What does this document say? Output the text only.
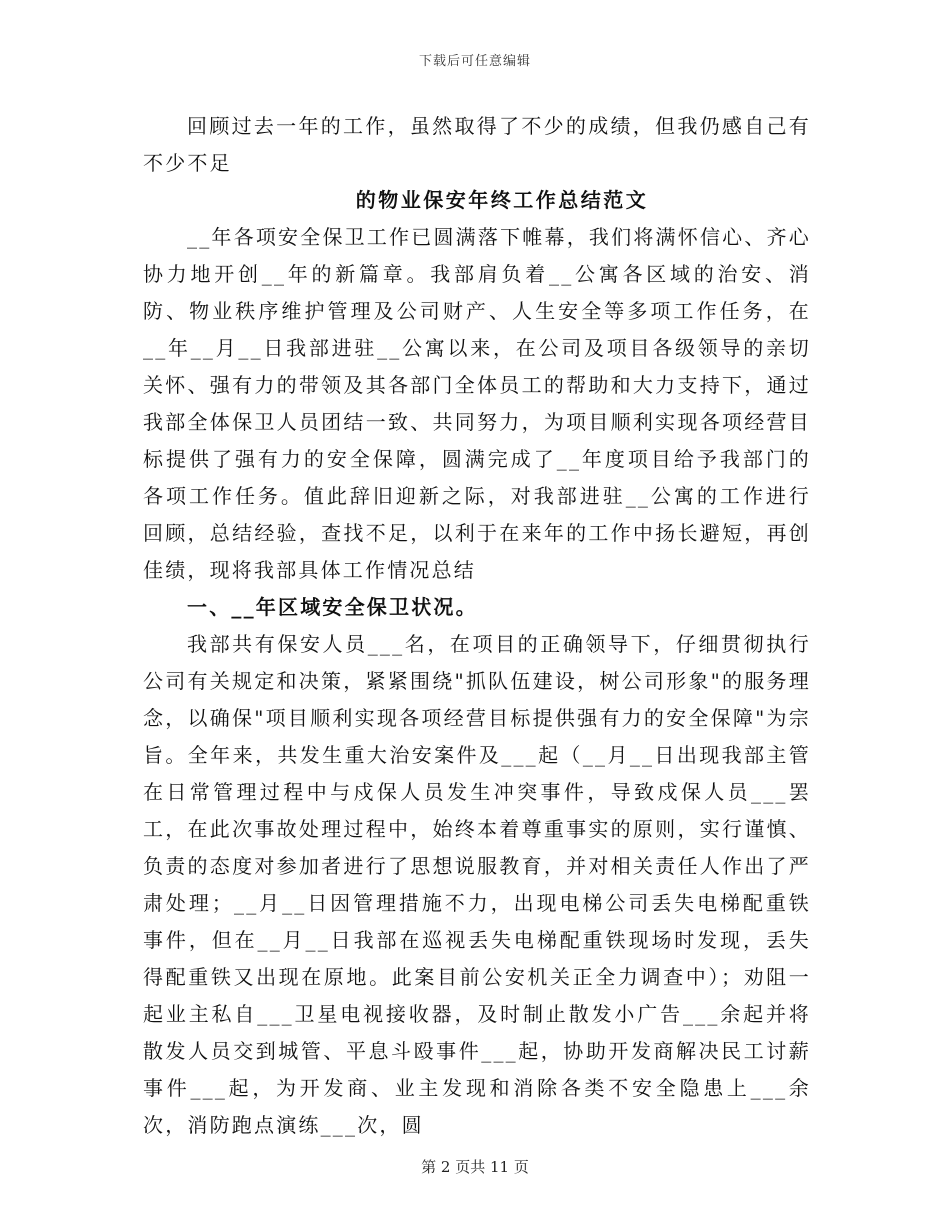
下载后可任意编辑

回顾过去一年的工作，虽然取得了不少的成绩，但我仍感自己有不少不足

的物业保安年终工作总结范文

__年各项安全保卫工作已圆满落下帷幕，我们将满怀信心、齐心协力地开创__年的新篇章。我部肩负着__公寓各区域的治安、消防、物业秩序维护管理及公司财产、人生安全等多项工作任务，在__年__月__日我部进驻__公寓以来，在公司及项目各级领导的亲切关怀、强有力的带领及其各部门全体员工的帮助和大力支持下，通过我部全体保卫人员团结一致、共同努力，为项目顺利实现各项经营目标提供了强有力的安全保障，圆满完成了__年度项目给予我部门的各项工作任务。值此辞旧迎新之际，对我部进驻__公寓的工作进行回顾，总结经验，查找不足，以利于在来年的工作中扬长避短，再创佳绩，现将我部具体工作情况总结

一、__年区域安全保卫状况。

我部共有保安人员___名，在项目的正确领导下，仔细贯彻执行公司有关规定和决策，紧紧围绕"抓队伍建设，树公司形象"的服务理念，以确保"项目顺利实现各项经营目标提供强有力的安全保障"为宗旨。全年来，共发生重大治安案件及___起（__月__日出现我部主管在日常管理过程中与戍保人员发生冲突事件，导致戍保人员___罢工，在此次事故处理过程中，始终本着尊重事实的原则，实行谨慎、负责的态度对参加者进行了思想说服教育，并对相关责任人作出了严肃处理；__月__日因管理措施不力，出现电梯公司丢失电梯配重铁事件，但在__月__日我部在巡视丢失电梯配重铁现场时发现，丢失得配重铁又出现在原地。此案目前公安机关正全力调查中）；劝阻一起业主私自___卫星电视接收器，及时制止散发小广告___余起并将散发人员交到城管、平息斗殴事件___起，协助开发商解决民工讨薪事件___起，为开发商、业主发现和消除各类不安全隐患上___余次，消防跑点演练___次，圆

第 2 页共 11 页
